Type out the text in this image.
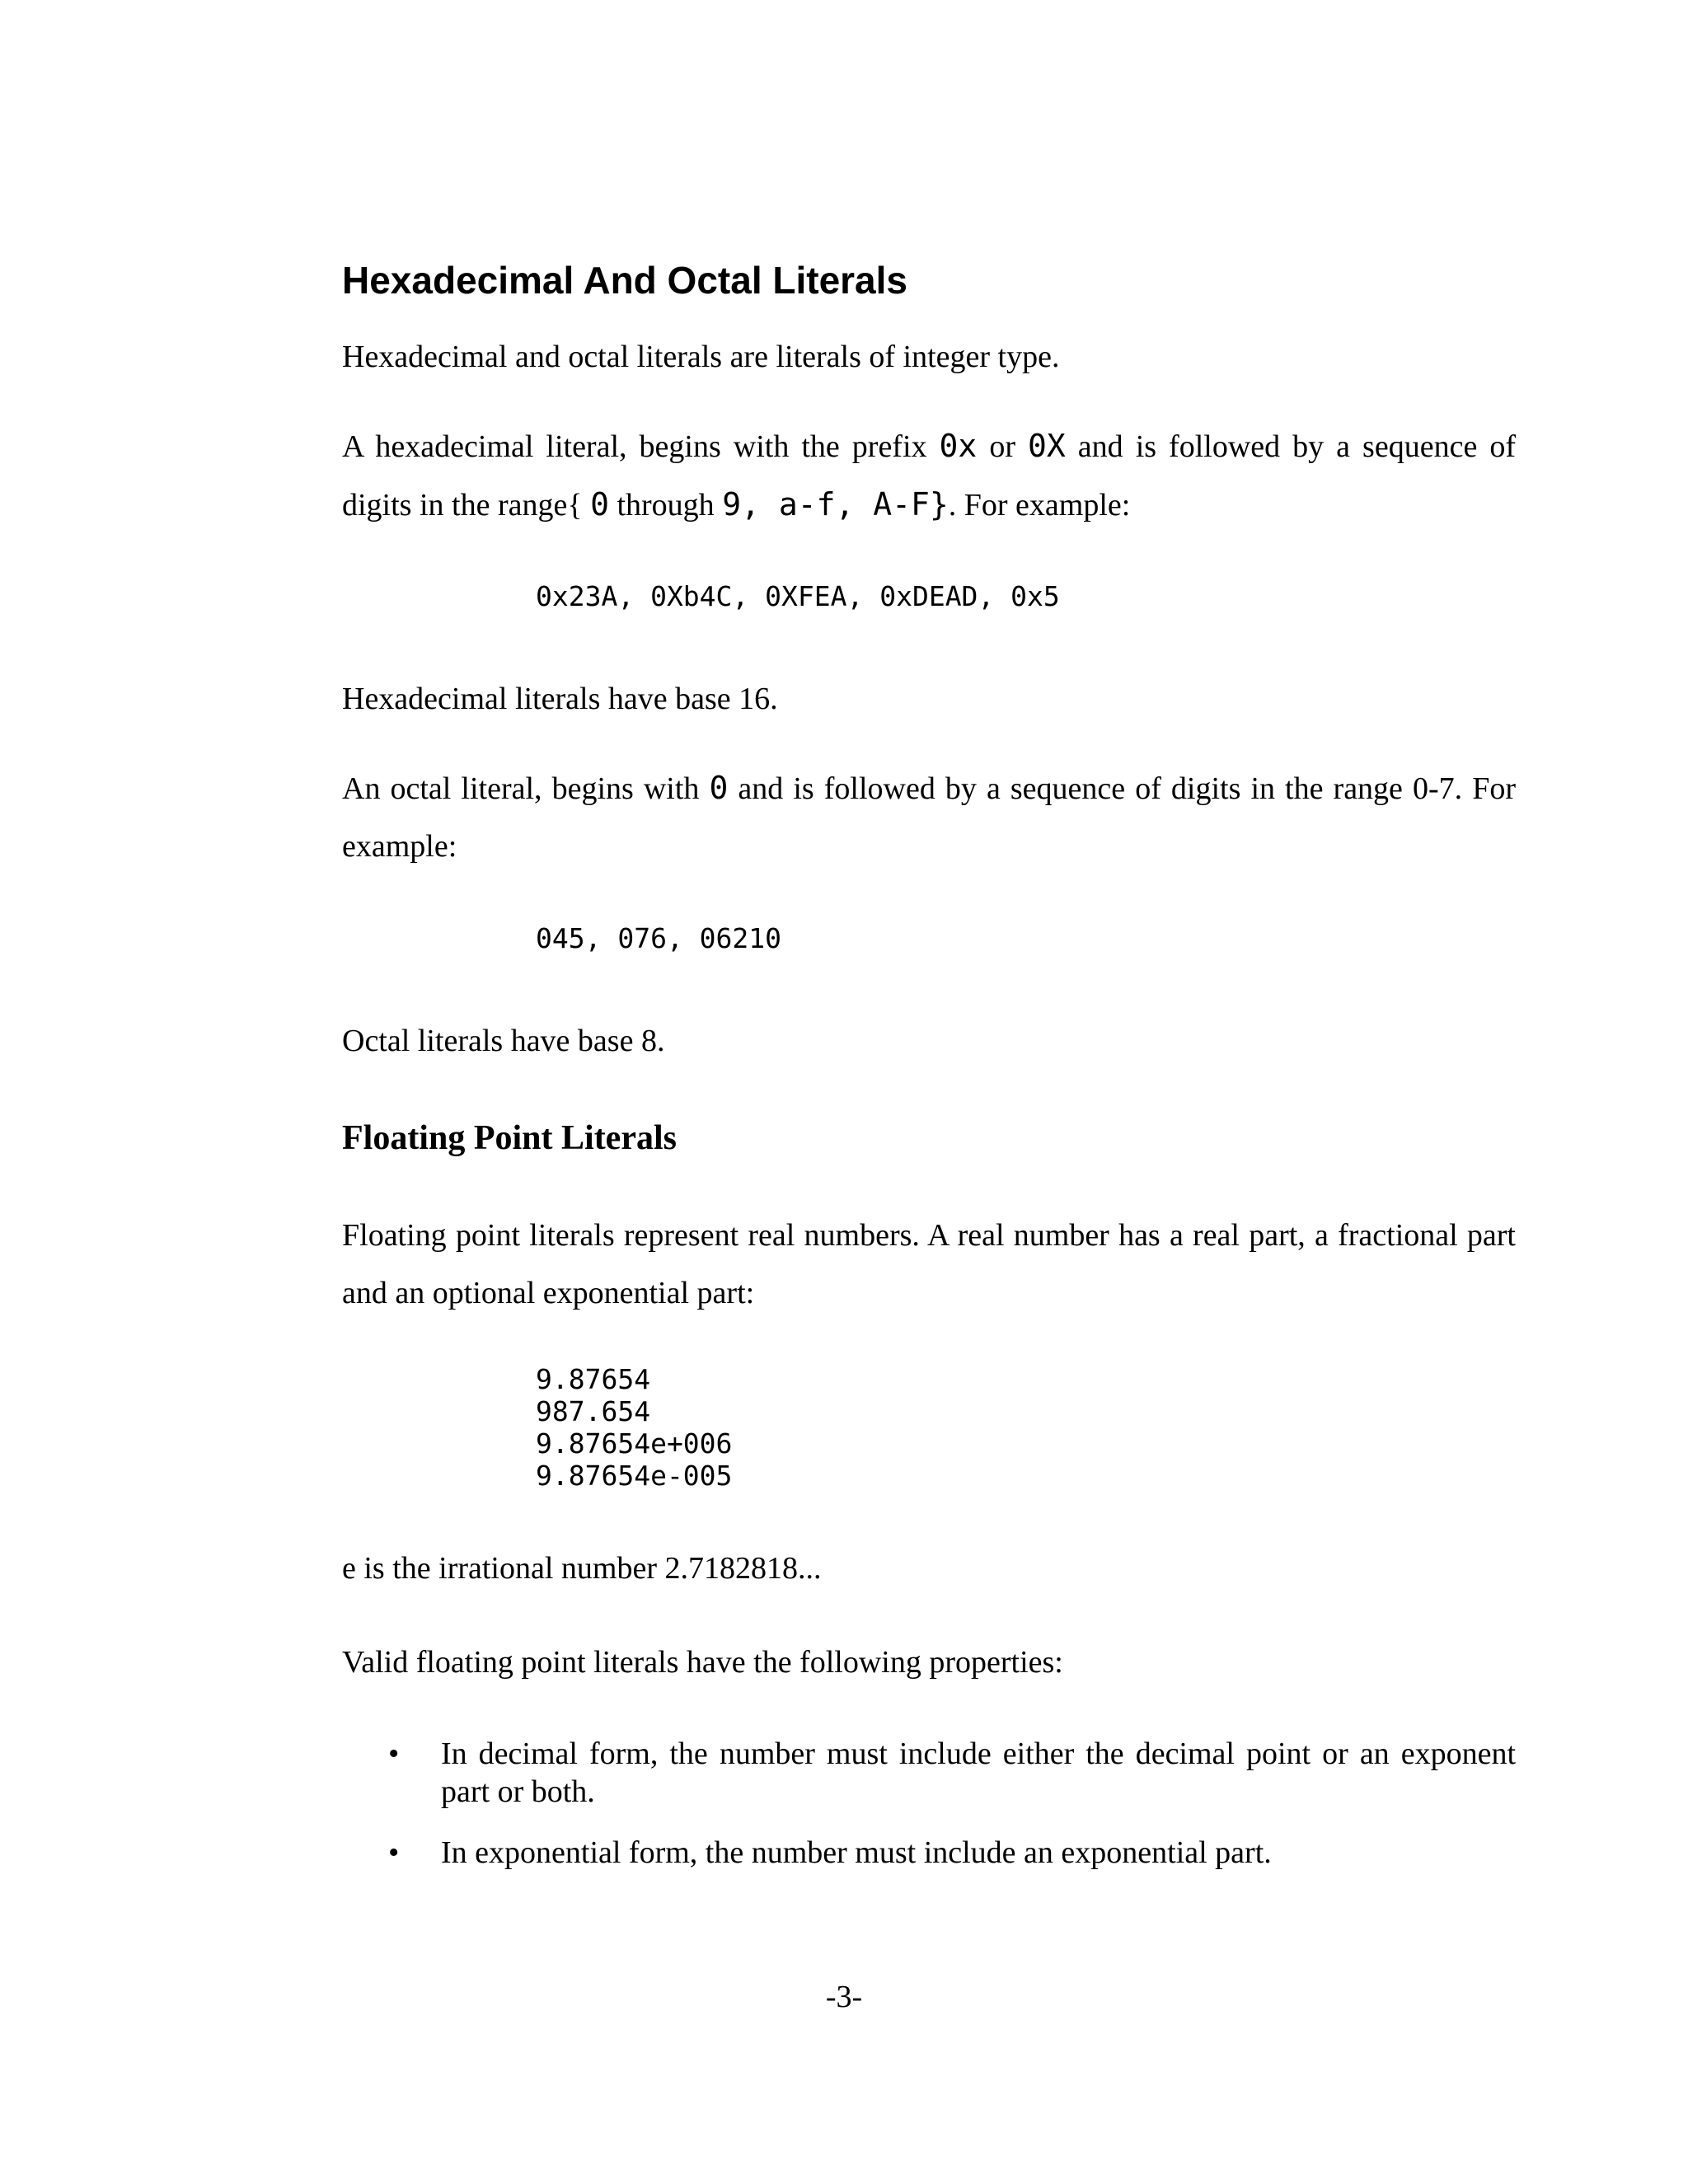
Hexadecimal And Octal Literals

Hexadecimal and octal literals are literals of integer type.

A hexadecimal literal, begins with the prefix 0x or 0X and is followed by a sequence of digits in the range{ 0 through 9, a-f, A-F}. For example:

0x23A, 0Xb4C, 0XFEA, 0xDEAD, 0x5

Hexadecimal literals have base 16.

An octal literal, begins with 0 and is followed by a sequence of digits in the range 0-7. For example:

045, 076, 06210

Octal literals have base 8.

Floating Point Literals

Floating point literals represent real numbers. A real number has a real part, a fractional part and an optional exponential part:

9.87654
987.654
9.87654e+006
9.87654e-005

e is the irrational number 2.7182818...

Valid floating point literals have the following properties:

• In decimal form, the number must include either the decimal point or an exponent part or both.
• In exponential form, the number must include an exponential part.
-3-
